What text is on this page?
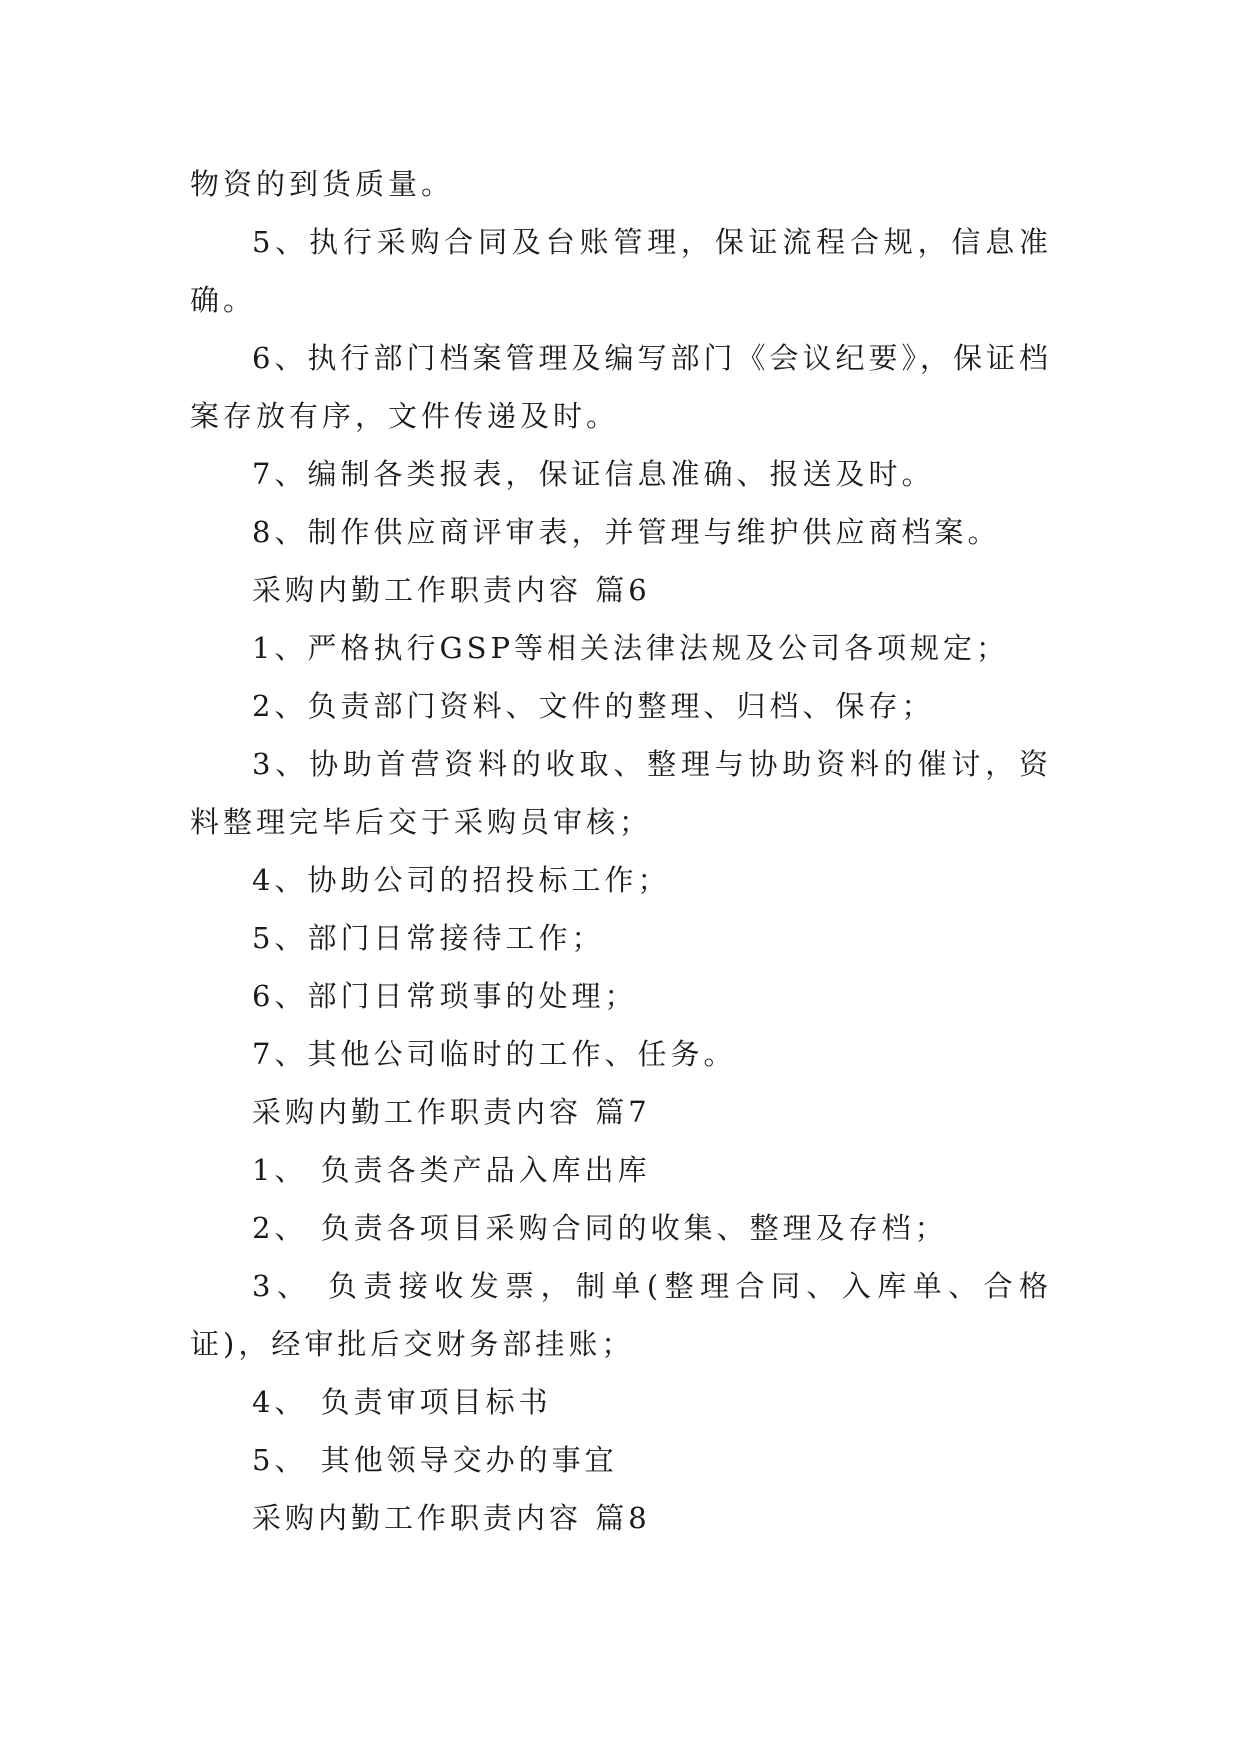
物资的到货质量。
5、执行采购合同及台账管理，保证流程合规，信息准
确。
6、执行部门档案管理及编写部门《会议纪要》，保证档
案存放有序，文件传递及时。
7、编制各类报表，保证信息准确、报送及时。
8、制作供应商评审表，并管理与维护供应商档案。
采购内勤工作职责内容 篇6
1、严格执行GSP等相关法律法规及公司各项规定；
2、负责部门资料、文件的整理、归档、保存；
3、协助首营资料的收取、整理与协助资料的催讨，资
料整理完毕后交于采购员审核；
4、协助公司的招投标工作；
5、部门日常接待工作；
6、部门日常琐事的处理；
7、其他公司临时的工作、任务。
采购内勤工作职责内容 篇7
1、 负责各类产品入库出库
2、 负责各项目采购合同的收集、整理及存档；
3、 负责接收发票，制单(整理合同、入库单、合格
证)，经审批后交财务部挂账；
4、 负责审项目标书
5、 其他领导交办的事宜
采购内勤工作职责内容 篇8
